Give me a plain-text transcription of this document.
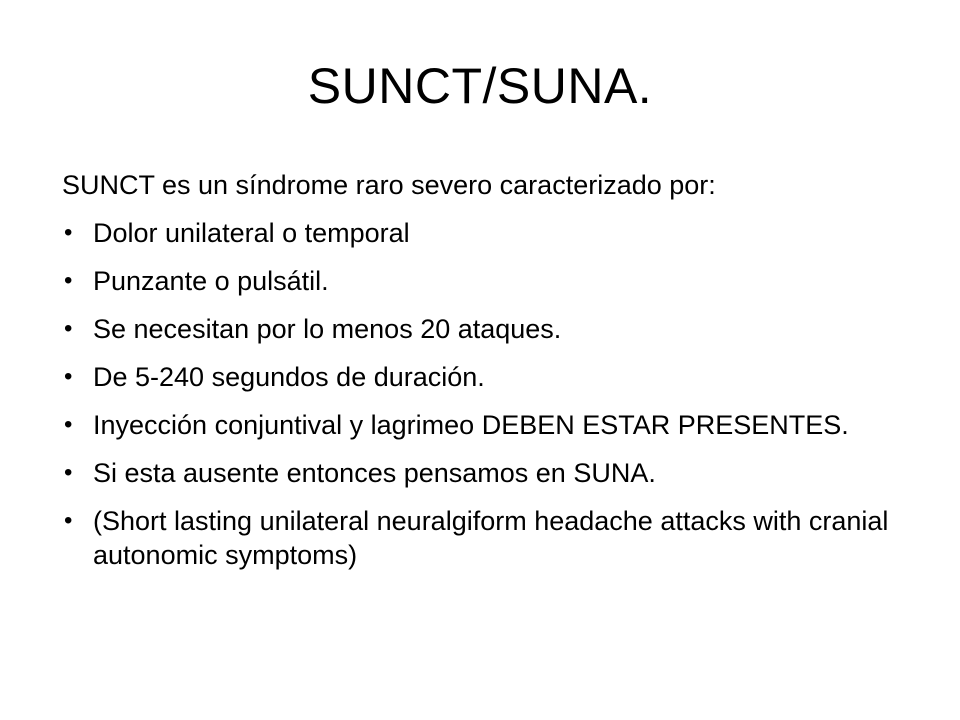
SUNCT/SUNA.
SUNCT es un síndrome raro severo caracterizado por:
• Dolor unilateral o temporal
• Punzante o pulsátil.
• Se necesitan por lo menos 20 ataques.
• De 5-240 segundos de duración.
• Inyección conjuntival y lagrimeo DEBEN ESTAR PRESENTES.
• Si esta ausente entonces pensamos en SUNA.
• (Short lasting unilateral neuralgiform headache attacks with cranial autonomic symptoms)
